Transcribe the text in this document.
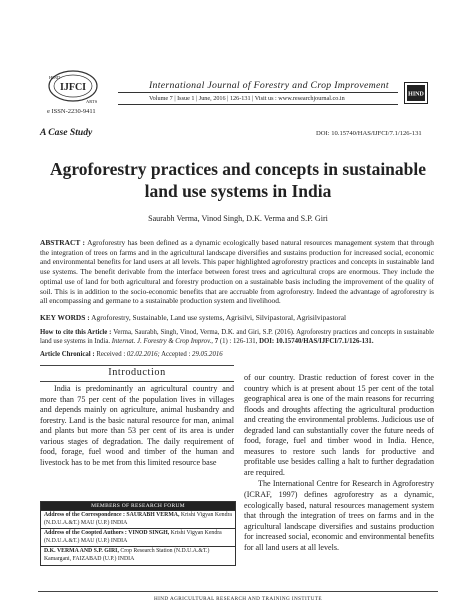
IJFCI
HIND
ARTS
e ISSN-2230-9411
International Journal of Forestry and Crop Improvement
Volume 7 | Issue 1 | June, 2016 | 126-131 | Visit us : www.researchjournal.co.in
HIND
A Case Study	DOI: 10.15740/HAS/IJFCI/7.1/126-131
Agroforestry practices and concepts in sustainable
land use systems in India
Saurabh Verma, Vinod Singh, D.K. Verma and S.P. Giri
ABSTRACT : Agroforestry has been defined as a dynamic ecologically based natural resources management system that through the integration of trees on farms and in the agricultural landscape diversifies and sustains production for increased social, economic and environmental benefits for land users at all levels. This paper highlighted agroforestry practices and concepts in sustainable land use systems. The benefit derivable from the interface between forest trees and agricultural crops are enormous. They include the optimal use of land for both agricultural and forestry production on a sustainable basis including the improvement of the quality of soil. This is in addition to the socio-economic benefits that are accruable from agroforestry. Indeed the advantage of agroforestry is all encompassing and germane to a sustainable production system and livelihood.
KEY WORDS : Agroforestry, Sustainable, Land use systems, Agrisilvi, Silvipastoral, Agrisilvipastoral
How to cite this Article : Verma, Saurabh, Singh, Vinod, Verma, D.K. and Giri, S.P. (2016). Agroforestry practices and concepts in sustainable land use systems in India. Internat. J. Forestry & Crop Improv., 7 (1) : 126-131, DOI: 10.15740/HAS/IJFCI/7.1/126-131.
Article Chronical : Received : 02.02.2016; Accepted : 29.05.2016
Introduction
India is predominantly an agricultural country and more than 75 per cent of the population lives in villages and depends mainly on agriculture, animal husbandry and forestry. Land is the basic natural resource for man, animal and plants but more than 53 per cent of its area is under various stages of degradation. The daily requirement of food, forage, fuel wood and timber of the human and livestock has to be met from this limited resource base
MEMBERS OF RESEARCH FORUM
Address of the Correspondence : SAURABH VERMA, Krishi Vigyan Kendra (N.D.U.A.&T.) MAU (U.P.) INDIA
Address of the Coopted Authors : VINOD SINGH, Krishi Vigyan Kendra (N.D.U.A.&T.) MAU (U.P.) INDIA
D.K. VERMA AND S.P. GIRI, Crop Research Station (N.D.U.A.&T.) Kamargani, FAIZABAD (U.P.) INDIA
of our country. Drastic reduction of forest cover in the country which is at present about 15 per cent of the total geographical area is one of the main reasons for recurring floods and droughts affecting the agricultural production and creating the environmental problems. Judicious use of degraded land can substantially cover the future needs of food, forage, fuel and timber wood in India. Hence, measures to restore such lands for productive and profitable use besides calling a halt to further degradation are required.
The International Centre for Research in Agroforestry (ICRAF, 1997) defines agroforestry as a dynamic, ecologically based, natural resources management system that through the integration of trees on farms and in the agricultural landscape diversifies and sustains production for increased social, economic and environmental benefits for all land users at all levels.
HIND AGRICULTURAL RESEARCH AND TRAINING INSTITUTE
